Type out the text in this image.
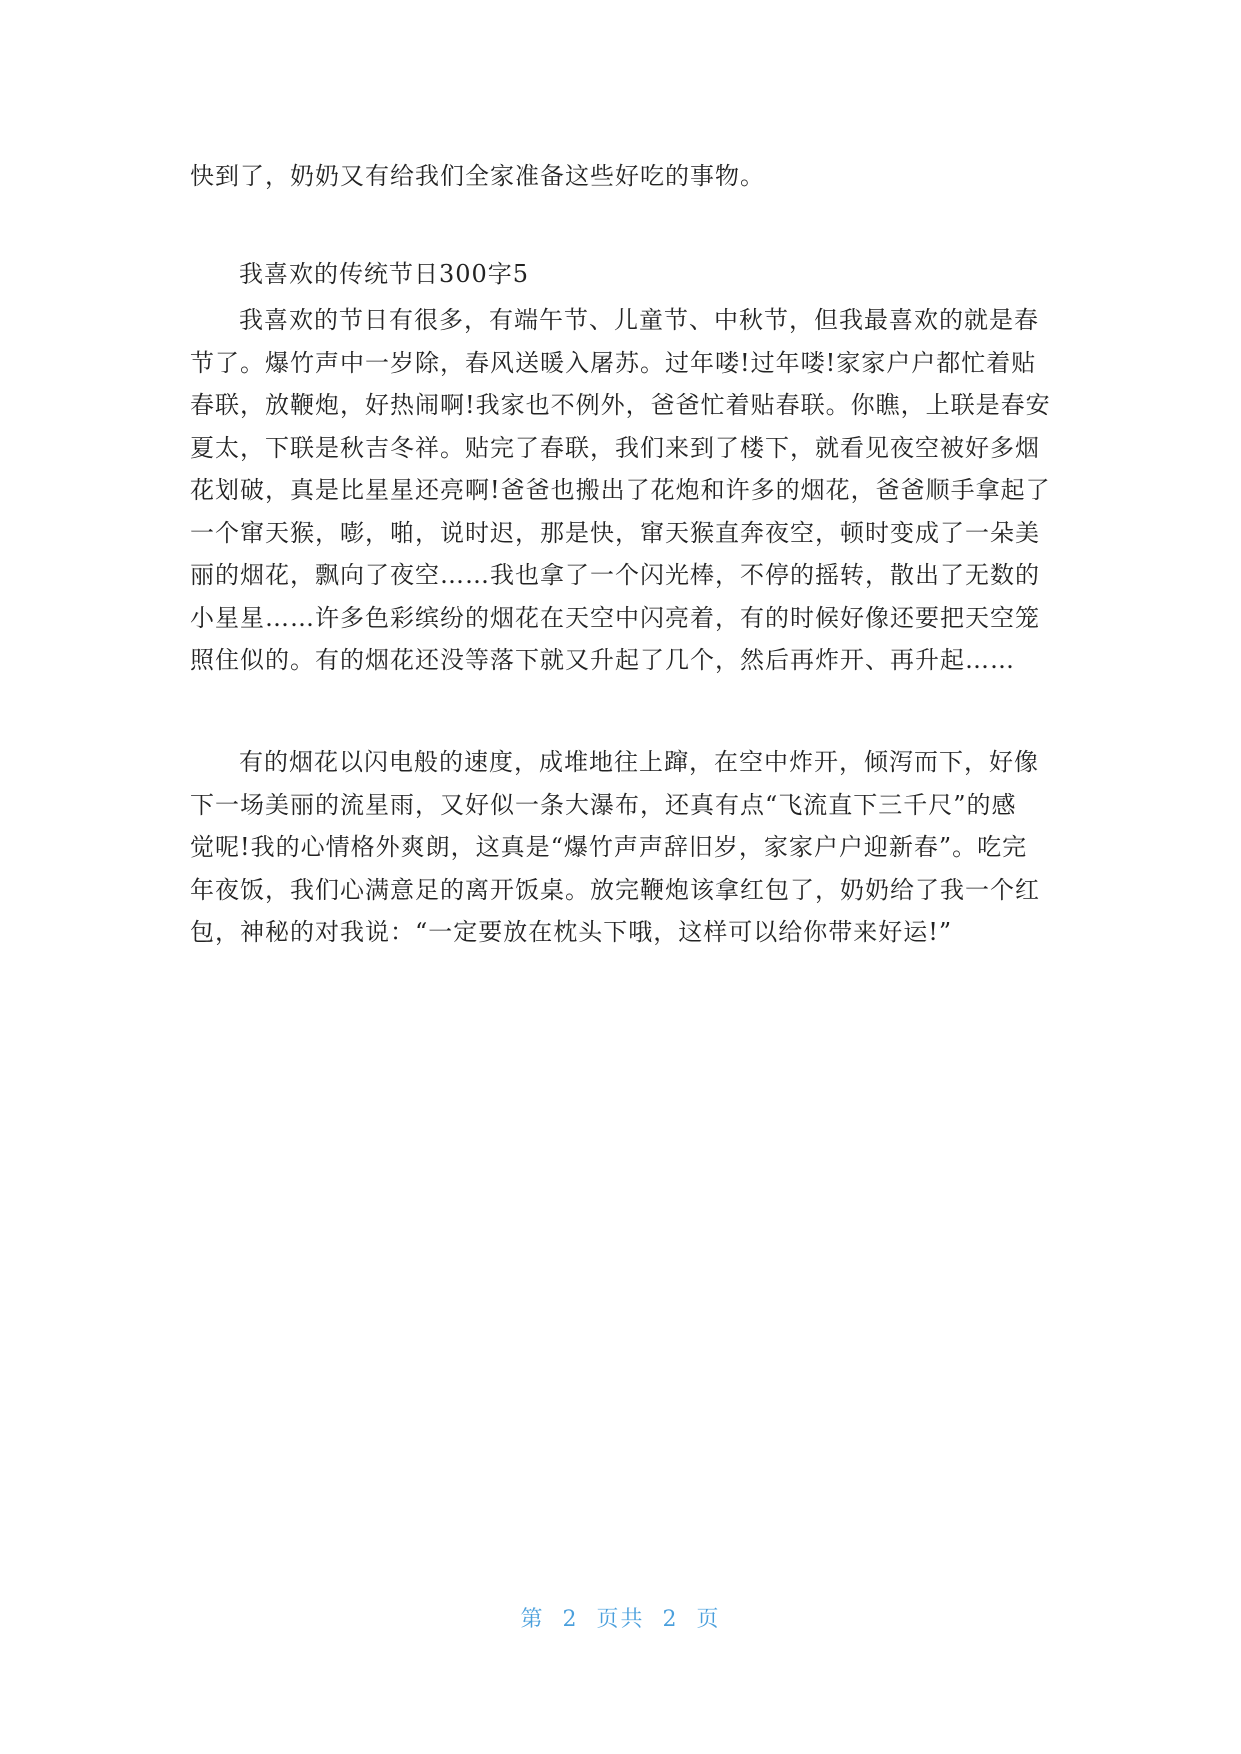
快到了，奶奶又有给我们全家准备这些好吃的事物。
我喜欢的传统节日300字5
我喜欢的节日有很多，有端午节、儿童节、中秋节，但我最喜欢的就是春
节了。爆竹声中一岁除，春风送暖入屠苏。过年喽!过年喽!家家户户都忙着贴
春联，放鞭炮，好热闹啊!我家也不例外，爸爸忙着贴春联。你瞧，上联是春安
夏太，下联是秋吉冬祥。贴完了春联，我们来到了楼下，就看见夜空被好多烟
花划破，真是比星星还亮啊!爸爸也搬出了花炮和许多的烟花，爸爸顺手拿起了
一个窜天猴，嘭，啪，说时迟，那是快，窜天猴直奔夜空，顿时变成了一朵美
丽的烟花，飘向了夜空……我也拿了一个闪光棒，不停的摇转，散出了无数的
小星星……许多色彩缤纷的烟花在天空中闪亮着，有的时候好像还要把天空笼
照住似的。有的烟花还没等落下就又升起了几个，然后再炸开、再升起……
有的烟花以闪电般的速度，成堆地往上蹿，在空中炸开，倾泻而下，好像
下一场美丽的流星雨，又好似一条大瀑布，还真有点“飞流直下三千尺”的感
觉呢!我的心情格外爽朗，这真是“爆竹声声辞旧岁，家家户户迎新春”。吃完
年夜饭，我们心满意足的离开饭桌。放完鞭炮该拿红包了，奶奶给了我一个红
包，神秘的对我说：“一定要放在枕头下哦，这样可以给你带来好运!”
第 2 页共 2 页
